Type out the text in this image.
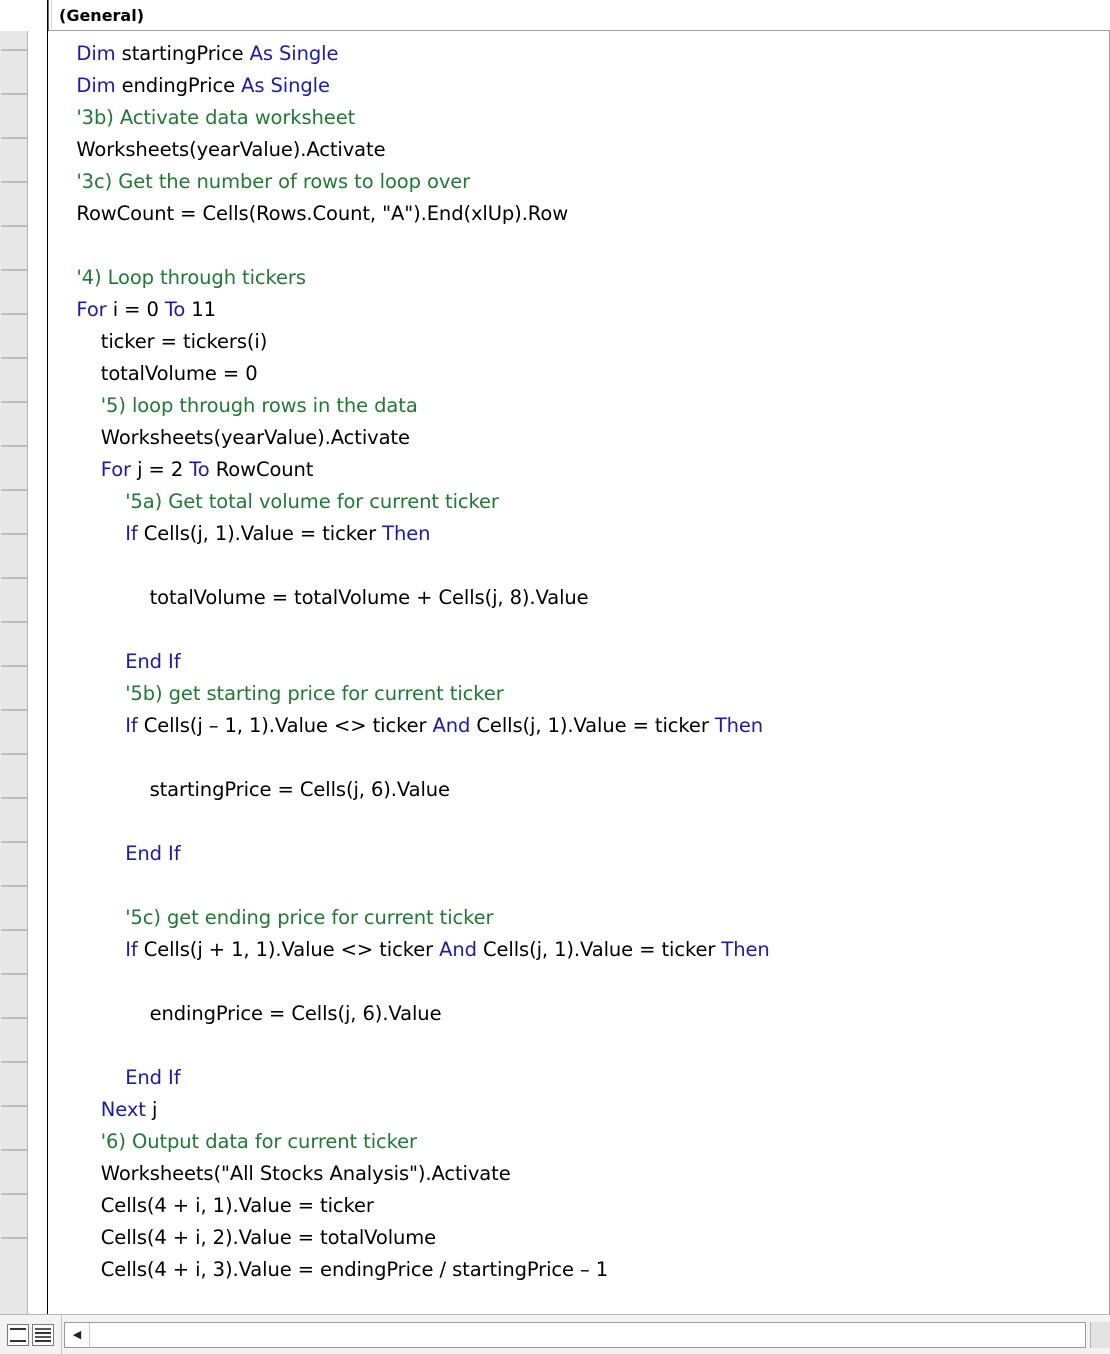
(General)
Dim startingPrice As Single
Dim endingPrice As Single
'3b) Activate data worksheet
Worksheets(yearValue).Activate
'3c) Get the number of rows to loop over
RowCount = Cells(Rows.Count, "A").End(xlUp).Row

'4) Loop through tickers
For i = 0 To 11
ticker = tickers(i)
totalVolume = 0
'5) loop through rows in the data
Worksheets(yearValue).Activate
For j = 2 To RowCount
'5a) Get total volume for current ticker
If Cells(j, 1).Value = ticker Then

totalVolume = totalVolume + Cells(j, 8).Value

End If
'5b) get starting price for current ticker
If Cells(j – 1, 1).Value <> ticker And Cells(j, 1).Value = ticker Then

startingPrice = Cells(j, 6).Value

End If

'5c) get ending price for current ticker
If Cells(j + 1, 1).Value <> ticker And Cells(j, 1).Value = ticker Then

endingPrice = Cells(j, 6).Value

End If
Next j
'6) Output data for current ticker
Worksheets("All Stocks Analysis").Activate
Cells(4 + i, 1).Value = ticker
Cells(4 + i, 2).Value = totalVolume
Cells(4 + i, 3).Value = endingPrice / startingPrice – 1
◀
